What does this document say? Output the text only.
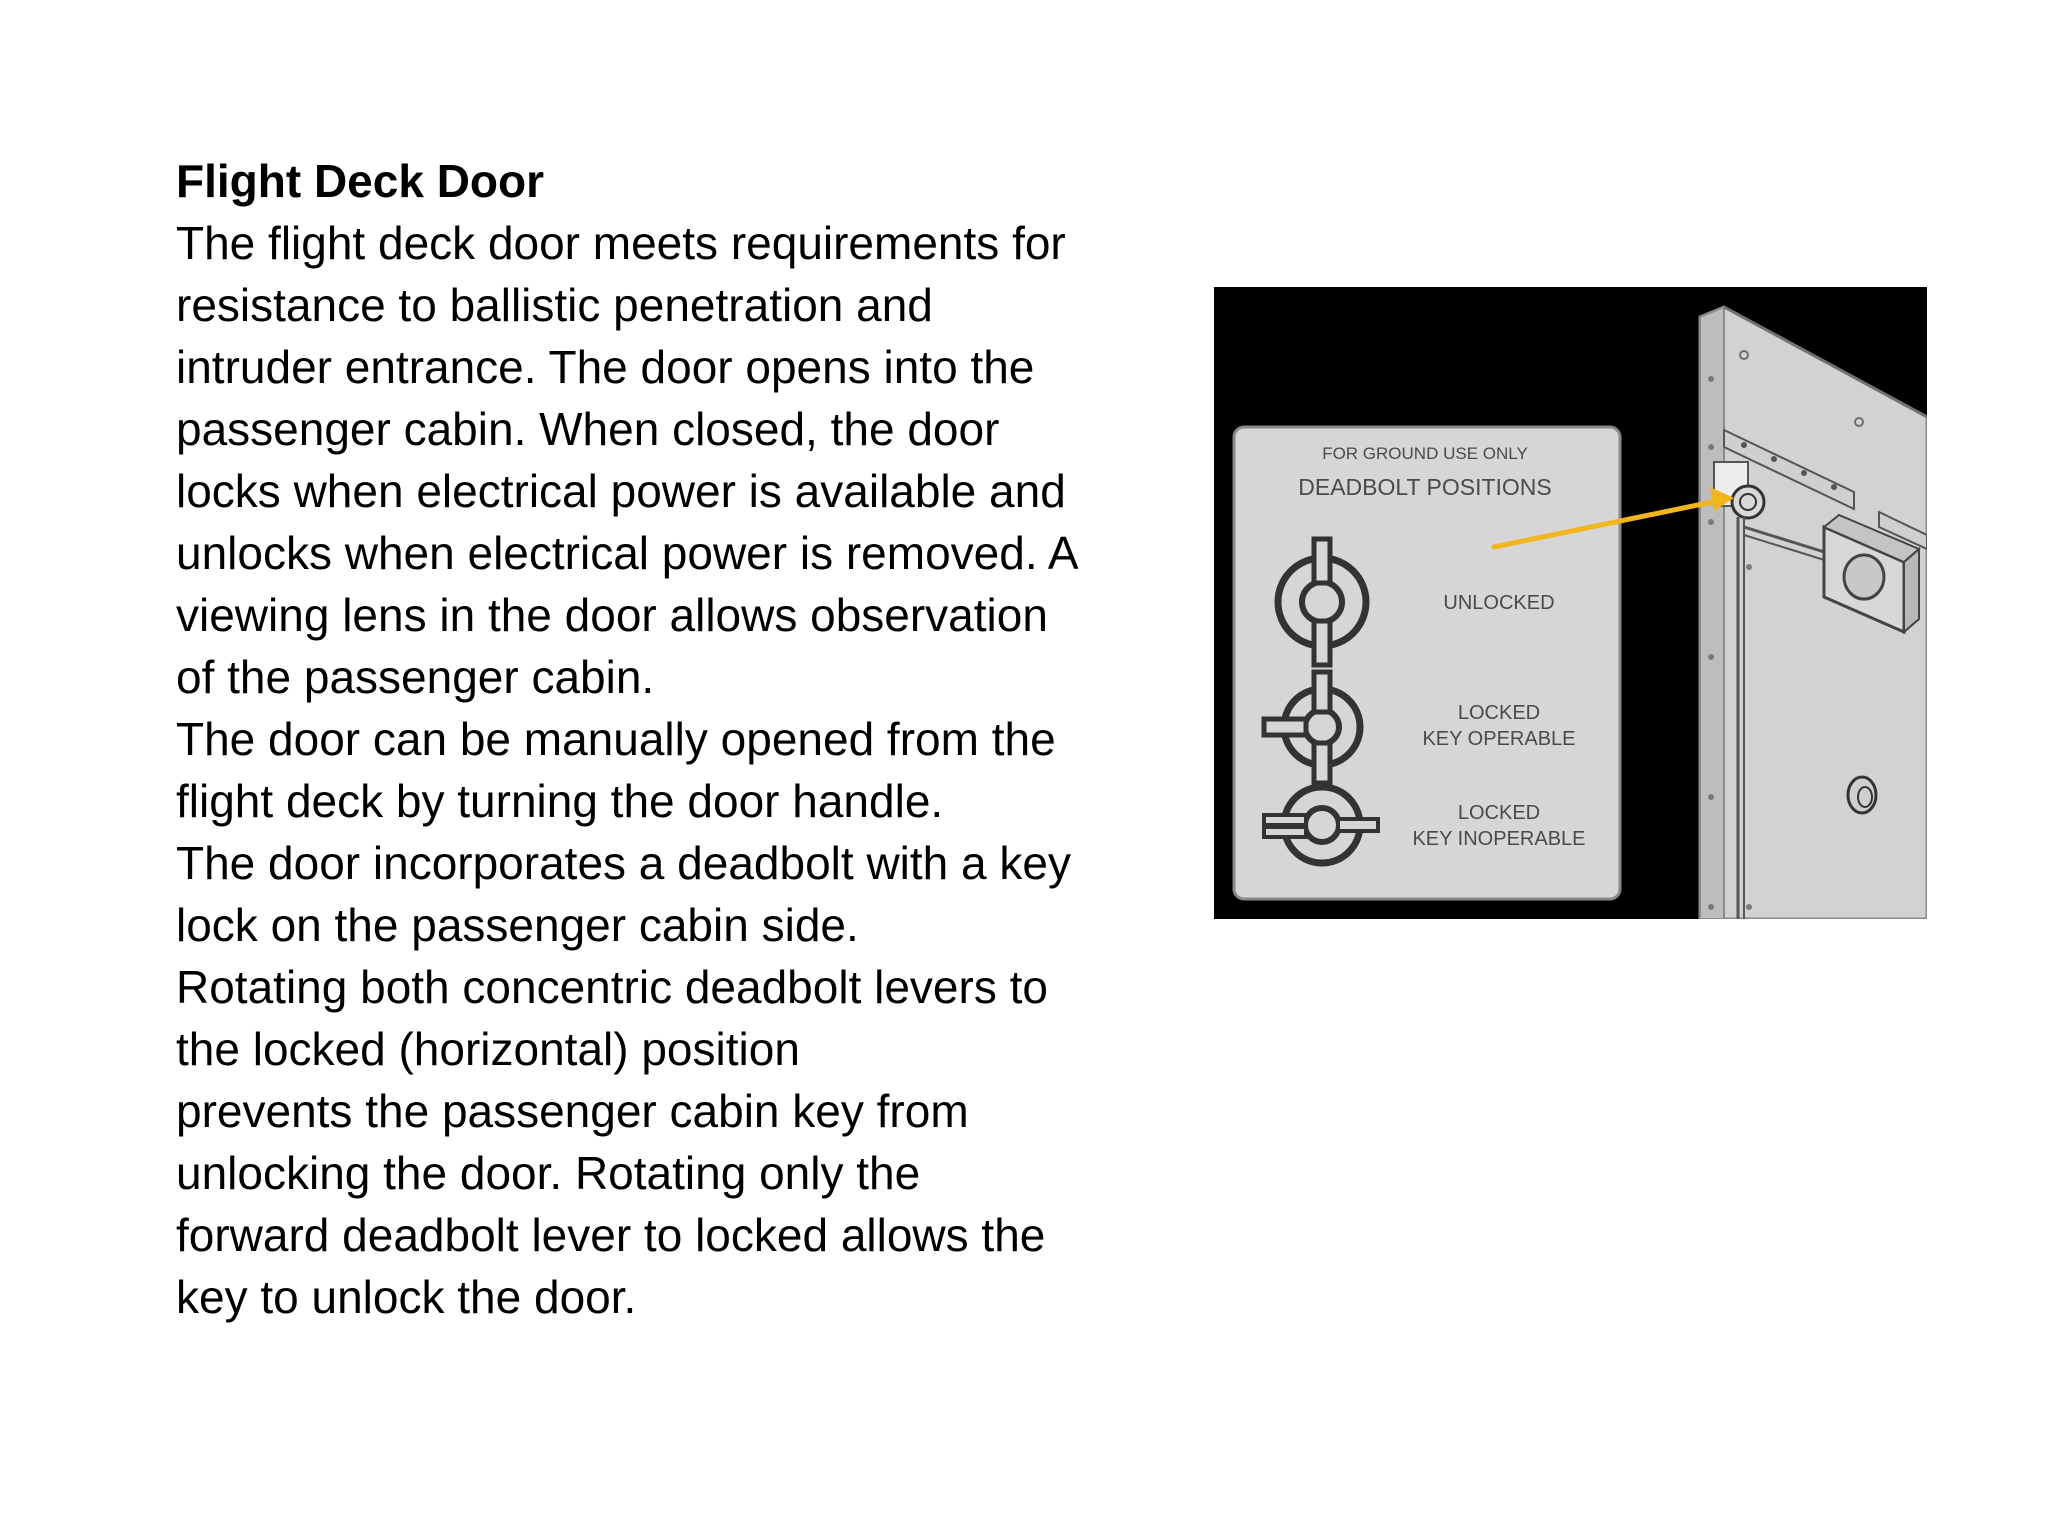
Flight Deck Door

The flight deck door meets requirements for

resistance to ballistic penetration and

intruder entrance. The door opens into the

passenger cabin. When closed, the door

locks when electrical power is available and

unlocks when electrical power is removed. A

viewing lens in the door allows observation

of the passenger cabin.

The door can be manually opened from the

flight deck by turning the door handle.

The door incorporates a deadbolt with a key

lock on the passenger cabin side.

Rotating both concentric deadbolt levers to

the locked (horizontal) position

prevents the passenger cabin key from

unlocking the door. Rotating only the

forward deadbolt lever to locked allows the

key to unlock the door.

FOR GROUND USE ONLY
DEADBOLT POSITIONS
UNLOCKED
LOCKED
KEY OPERABLE
LOCKED
KEY INOPERABLE
